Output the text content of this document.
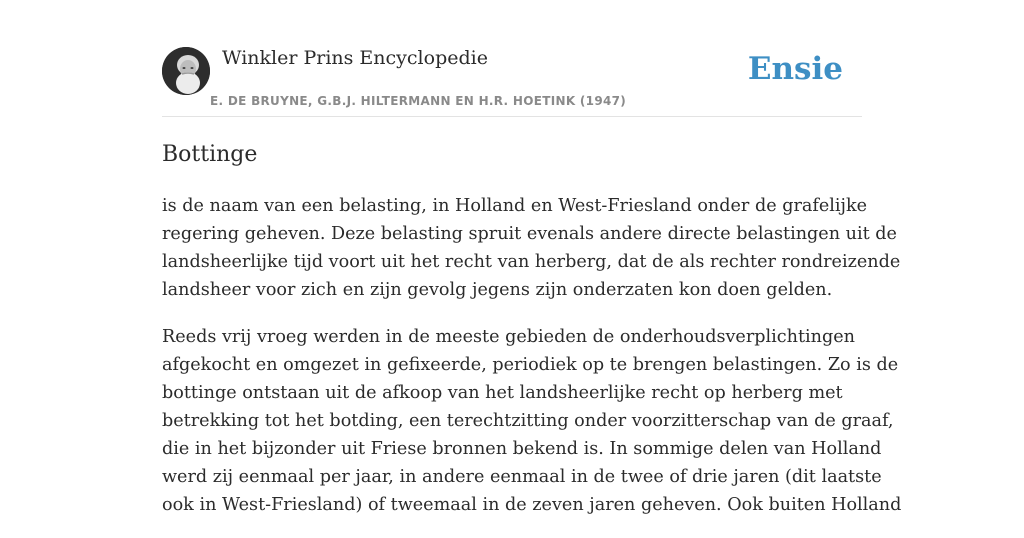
Winkler Prins Encyclopedie
E. DE BRUYNE, G.B.J. HILTERMANN EN H.R. HOETINK (1947)
Ensie
Bottinge

is de naam van een belasting, in Holland en West-Friesland onder de grafelijke
regering geheven. Deze belasting spruit evenals andere directe belastingen uit de
landsheerlijke tijd voort uit het recht van herberg, dat de als rechter rondreizende
landsheer voor zich en zijn gevolg jegens zijn onderzaten kon doen gelden.

Reeds vrij vroeg werden in de meeste gebieden de onderhoudsverplichtingen
afgekocht en omgezet in gefixeerde, periodiek op te brengen belastingen. Zo is de
bottinge ontstaan uit de afkoop van het landsheerlijke recht op herberg met
betrekking tot het botding, een terechtzitting onder voorzitterschap van de graaf,
die in het bijzonder uit Friese bronnen bekend is. In sommige delen van Holland
werd zij eenmaal per jaar, in andere eenmaal in de twee of drie jaren (dit laatste
ook in West-Friesland) of tweemaal in de zeven jaren geheven. Ook buiten Holland
